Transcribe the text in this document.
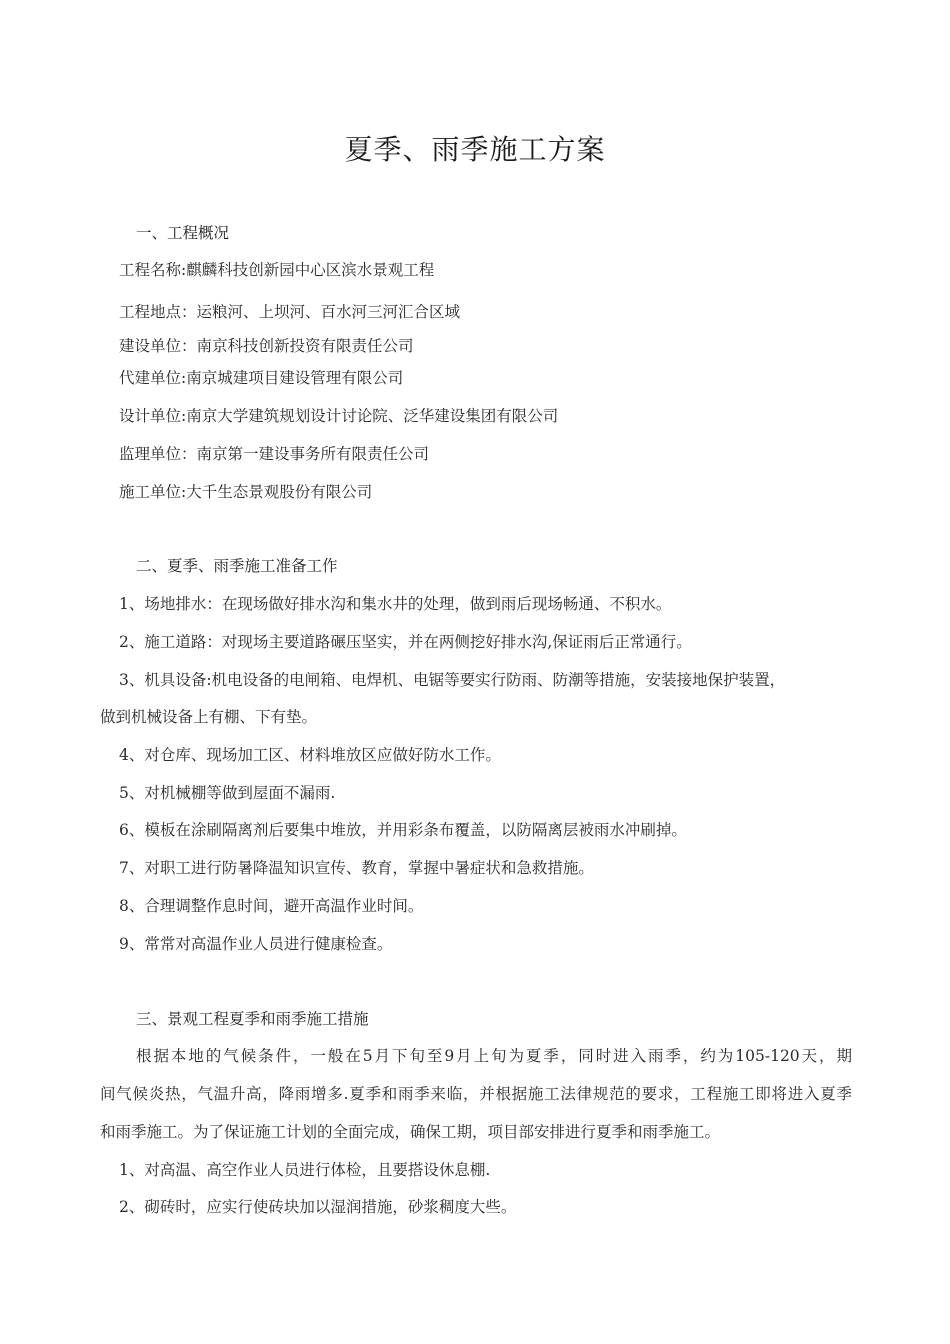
夏季、雨季施工方案
一、工程概况
工程名称:麒麟科技创新园中心区滨水景观工程
工程地点：运粮河、上坝河、百水河三河汇合区域
建设单位：南京科技创新投资有限责任公司
代建单位:南京城建项目建设管理有限公司
设计单位:南京大学建筑规划设计讨论院、泛华建设集团有限公司
监理单位：南京第一建设事务所有限责任公司
施工单位:大千生态景观股份有限公司
二、夏季、雨季施工准备工作
1、场地排水：在现场做好排水沟和集水井的处理，做到雨后现场畅通、不积水。
2、施工道路：对现场主要道路碾压坚实，并在两侧挖好排水沟,保证雨后正常通行。
3、机具设备:机电设备的电闸箱、电焊机、电锯等要实行防雨、防潮等措施，安装接地保护装置，
做到机械设备上有棚、下有垫。
4、对仓库、现场加工区、材料堆放区应做好防水工作。
5、对机械棚等做到屋面不漏雨.
6、模板在涂刷隔离剂后要集中堆放，并用彩条布覆盖，以防隔离层被雨水冲刷掉。
7、对职工进行防暑降温知识宣传、教育，掌握中暑症状和急救措施。
8、合理调整作息时间，避开高温作业时间。
9、常常对高温作业人员进行健康检查。
三、景观工程夏季和雨季施工措施
根据本地的气候条件，一般在5月下旬至9月上旬为夏季，同时进入雨季，约为105-120天，期
间气候炎热，气温升高，降雨增多.夏季和雨季来临，并根据施工法律规范的要求，工程施工即将进入夏季
和雨季施工。为了保证施工计划的全面完成，确保工期，项目部安排进行夏季和雨季施工。
1、对高温、高空作业人员进行体检，且要搭设休息棚.
2、砌砖时，应实行使砖块加以湿润措施，砂浆稠度大些。
